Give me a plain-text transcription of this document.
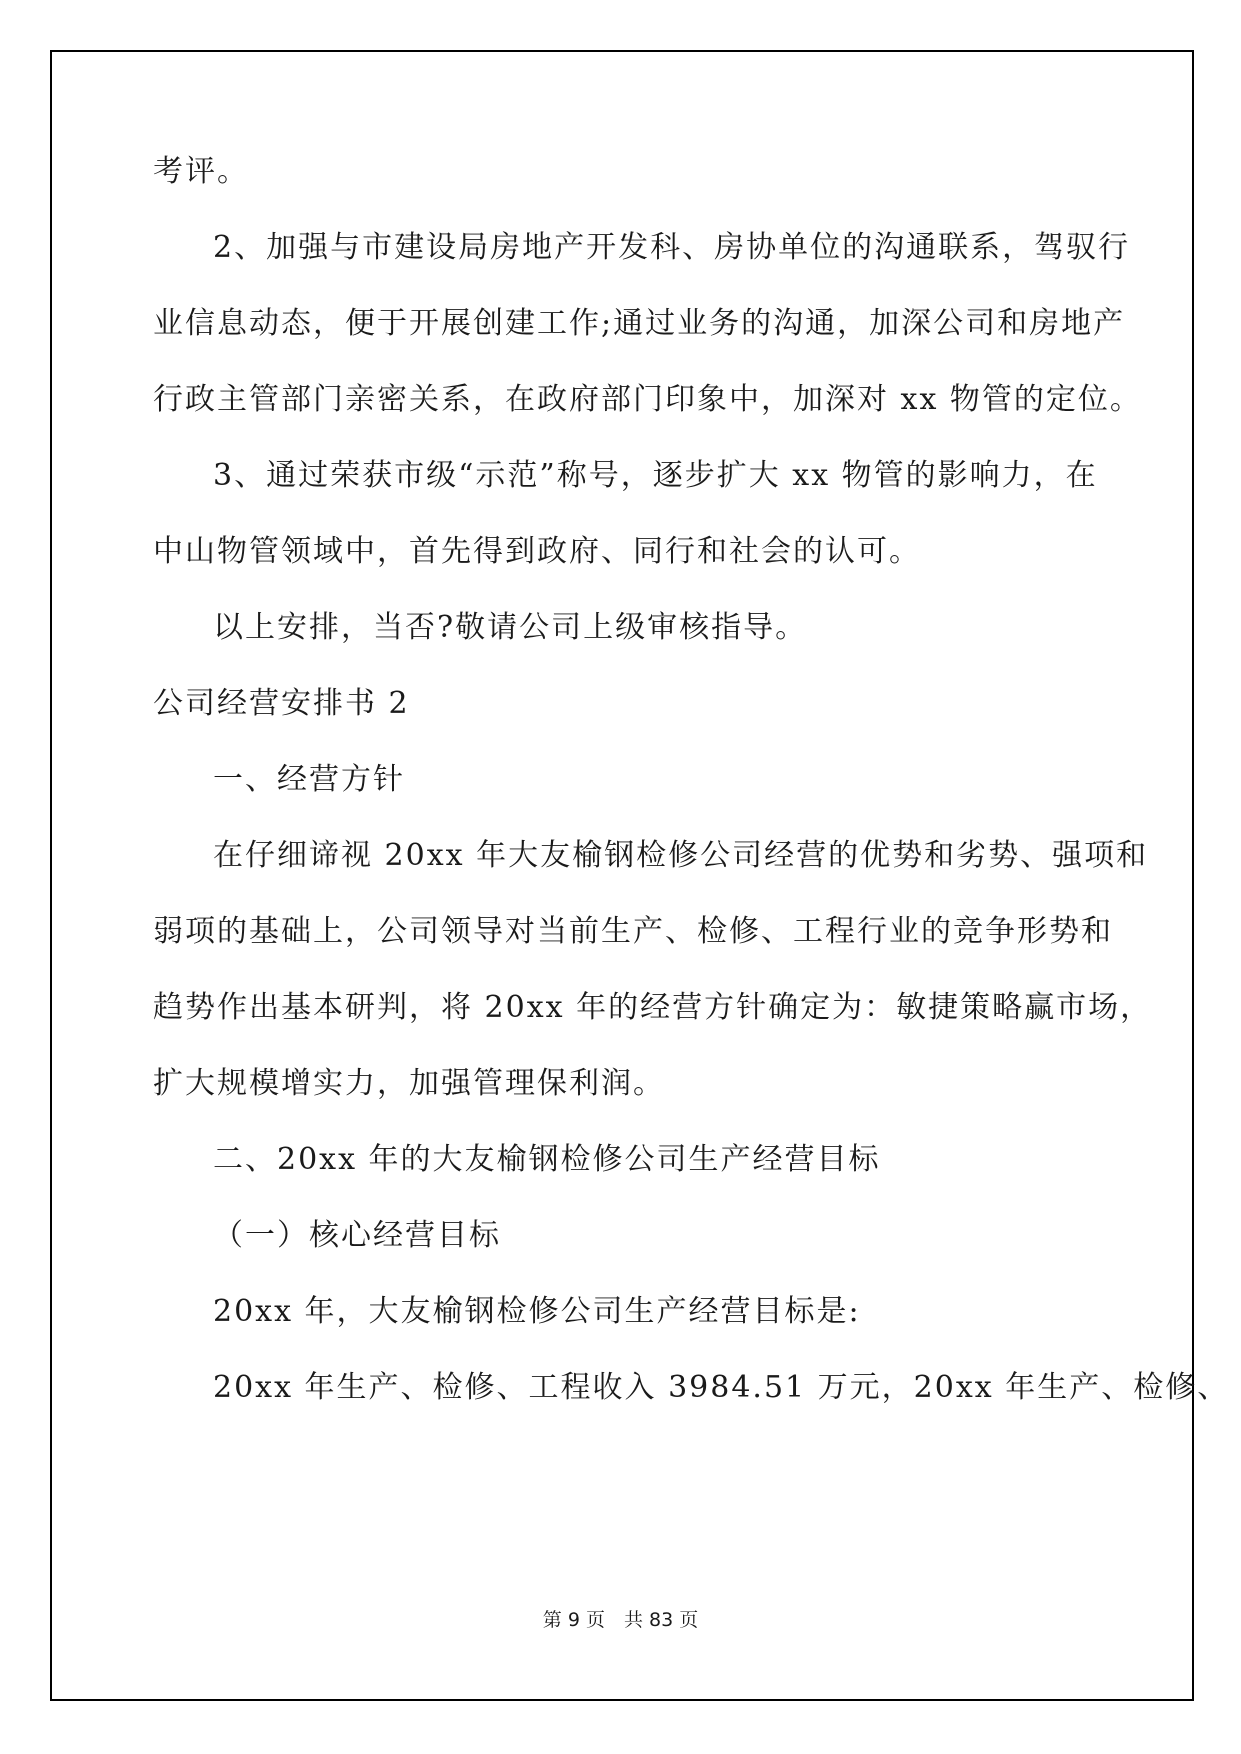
考评。
2、加强与市建设局房地产开发科、房协单位的沟通联系，驾驭行
业信息动态，便于开展创建工作;通过业务的沟通，加深公司和房地产
行政主管部门亲密关系，在政府部门印象中，加深对 xx 物管的定位。
3、通过荣获市级“示范”称号，逐步扩大 xx 物管的影响力，在
中山物管领域中，首先得到政府、同行和社会的认可。
以上安排，当否?敬请公司上级审核指导。
公司经营安排书 2
一、经营方针
在仔细谛视 20xx 年大友榆钢检修公司经营的优势和劣势、强项和
弱项的基础上，公司领导对当前生产、检修、工程行业的竞争形势和
趋势作出基本研判，将 20xx 年的经营方针确定为：敏捷策略赢市场，
扩大规模增实力，加强管理保利润。
二、20xx 年的大友榆钢检修公司生产经营目标
（一）核心经营目标
20xx 年，大友榆钢检修公司生产经营目标是:
20xx 年生产、检修、工程收入 3984.51 万元，20xx 年生产、检修、
第 9 页　共 83 页
